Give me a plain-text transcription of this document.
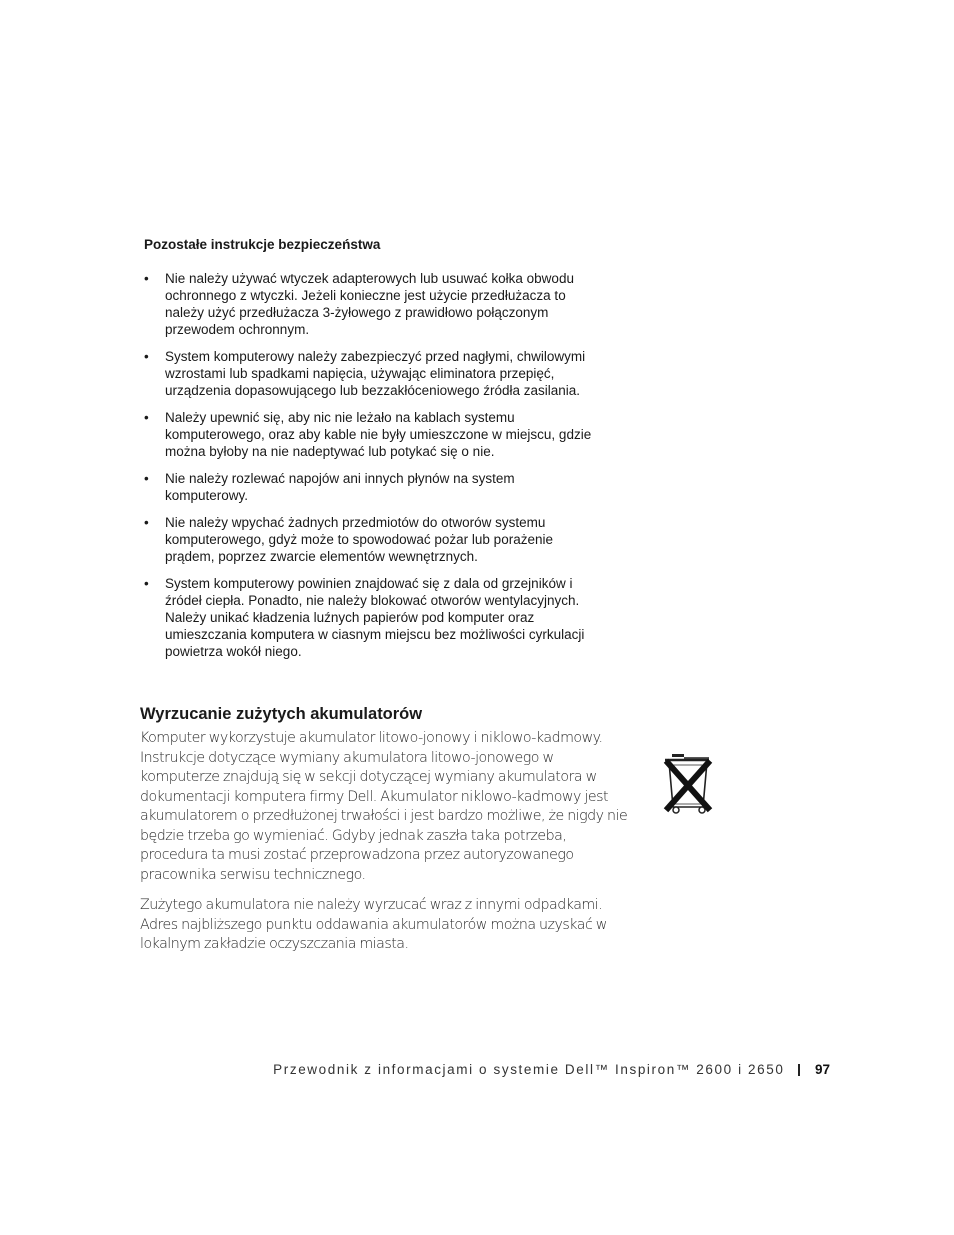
Pozostałe instrukcje bezpieczeństwa
• Nie należy używać wtyczek adapterowych lub usuwać kołka obwodu ochronnego z wtyczki. Jeżeli konieczne jest użycie przedłużacza to należy użyć przedłużacza 3-żyłowego z prawidłowo połączonym przewodem ochronnym.
• System komputerowy należy zabezpieczyć przed nagłymi, chwilowymi wzrostami lub spadkami napięcia, używając eliminatora przepięć, urządzenia dopasowującego lub bezzakłóceniowego źródła zasilania.
• Należy upewnić się, aby nic nie leżało na kablach systemu komputerowego, oraz aby kable nie były umieszczone w miejscu, gdzie można byłoby na nie nadeptywać lub potykać się o nie.
• Nie należy rozlewać napojów ani innych płynów na system komputerowy.
• Nie należy wpychać żadnych przedmiotów do otworów systemu komputerowego, gdyż może to spowodować pożar lub porażenie prądem, poprzez zwarcie elementów wewnętrznych.
• System komputerowy powinien znajdować się z dala od grzejników i źródeł ciepła. Ponadto, nie należy blokować otworów wentylacyjnych. Należy unikać kładzenia luźnych papierów pod komputer oraz umieszczania komputera w ciasnym miejscu bez możliwości cyrkulacji powietrza wokół niego.
Wyrzucanie zużytych akumulatorów

Komputer wykorzystuje akumulator litowo-jonowy i niklowo-kadmowy. Instrukcje dotyczące wymiany akumulatora litowo-jonowego w komputerze znajdują się w sekcji dotyczącej wymiany akumulatora w dokumentacji komputera firmy Dell. Akumulator niklowo-kadmowy jest akumulatorem o przedłużonej trwałości i jest bardzo możliwe, że nigdy nie będzie trzeba go wymieniać. Gdyby jednak zaszła taka potrzeba, procedura ta musi zostać przeprowadzona przez autoryzowanego pracownika serwisu technicznego.

Zużytego akumulatora nie należy wyrzucać wraz z innymi odpadkami. Adres najbliższego punktu oddawania akumulatorów można uzyskać w lokalnym zakładzie oczyszczania miasta.

Przewodnik z informacjami o systemie Dell™ Inspiron™ 2600 i 2650 97
